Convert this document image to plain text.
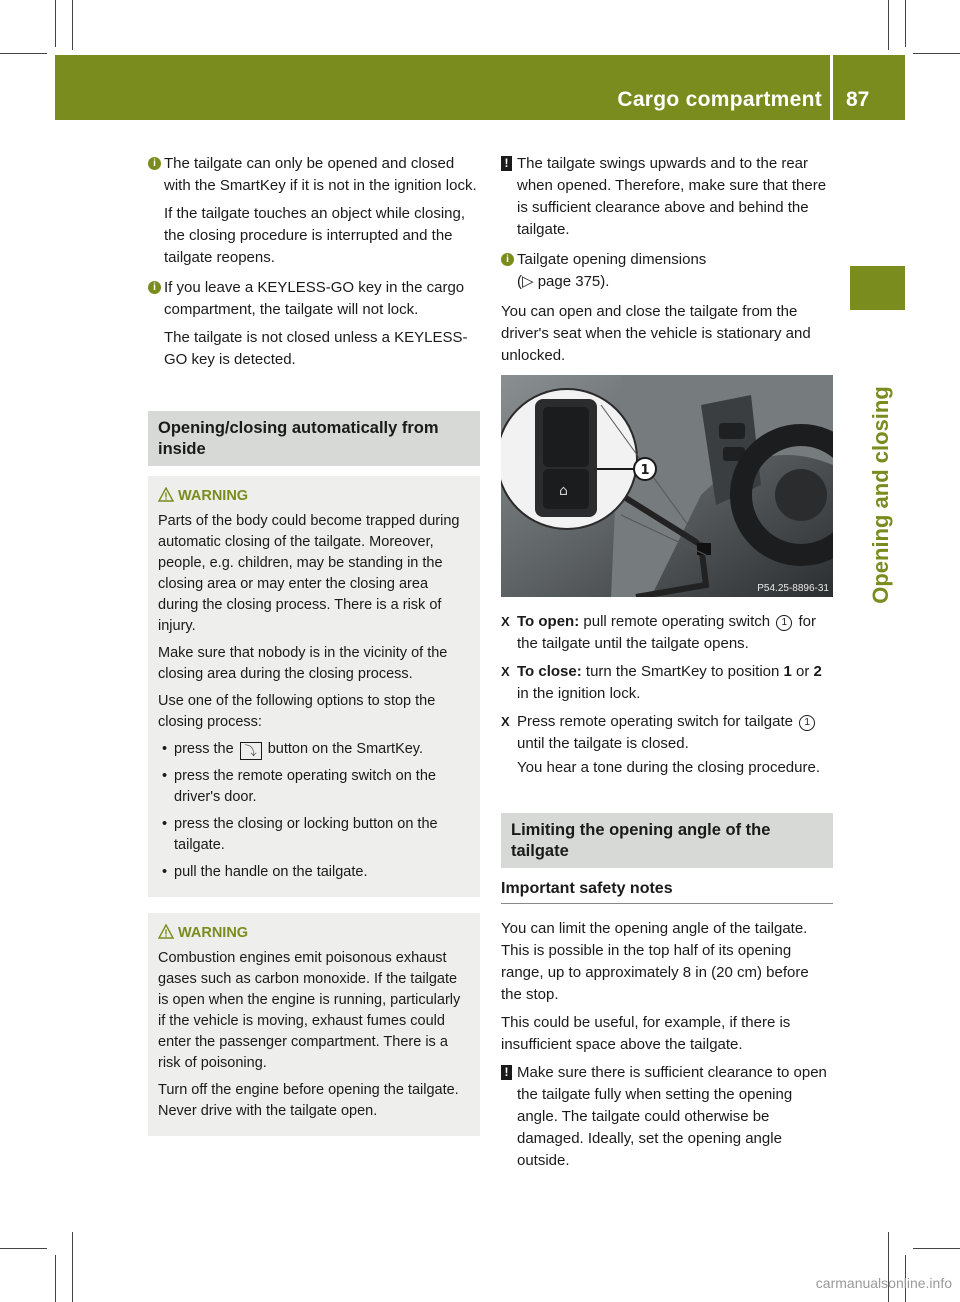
Cargo compartment 87
Opening and closing
i The tailgate can only be opened and closed with the SmartKey if it is not in the ignition lock.

If the tailgate touches an object while closing, the closing procedure is interrupted and the tailgate reopens.

i If you leave a KEYLESS-GO key in the cargo compartment, the tailgate will not lock.

The tailgate is not closed unless a KEYLESS-GO key is detected.

Opening/closing automatically from inside
WARNING

Parts of the body could become trapped during automatic closing of the tailgate. Moreover, people, e.g. children, may be standing in the closing area or may enter the closing area during the closing process. There is a risk of injury.

Make sure that nobody is in the vicinity of the closing area during the closing process.

Use one of the following options to stop the closing process:

• press the ⤵ button on the SmartKey.
• press the remote operating switch on the driver's door.
• press the closing or locking button on the tailgate.
• pull the handle on the tailgate.
WARNING

Combustion engines emit poisonous exhaust gases such as carbon monoxide. If the tailgate is open when the engine is running, particularly if the vehicle is moving, exhaust fumes could enter the passenger compartment. There is a risk of poisoning.

Turn off the engine before opening the tailgate. Never drive with the tailgate open.

! The tailgate swings upwards and to the rear when opened. Therefore, make sure that there is sufficient clearance above and behind the tailgate.

i Tailgate opening dimensions

(▷ page 375).

You can open and close the tailgate from the driver's seat when the vehicle is stationary and unlocked.

⌂
1
P54.25-8896-31
X To open: pull remote operating switch 1 for the tailgate until the tailgate opens.
X To close: turn the SmartKey to position 1 or 2 in the ignition lock.
X Press remote operating switch for tailgate 1 until the tailgate is closed.

You hear a tone during the closing procedure.

Limiting the opening angle of the tailgate
Important safety notes

You can limit the opening angle of the tailgate. This is possible in the top half of its opening range, up to approximately 8 in (20 cm) before the stop.

This could be useful, for example, if there is insufficient space above the tailgate.

! Make sure there is sufficient clearance to open the tailgate fully when setting the opening angle. The tailgate could otherwise be damaged. Ideally, set the opening angle outside.

carmanualsonline.info
